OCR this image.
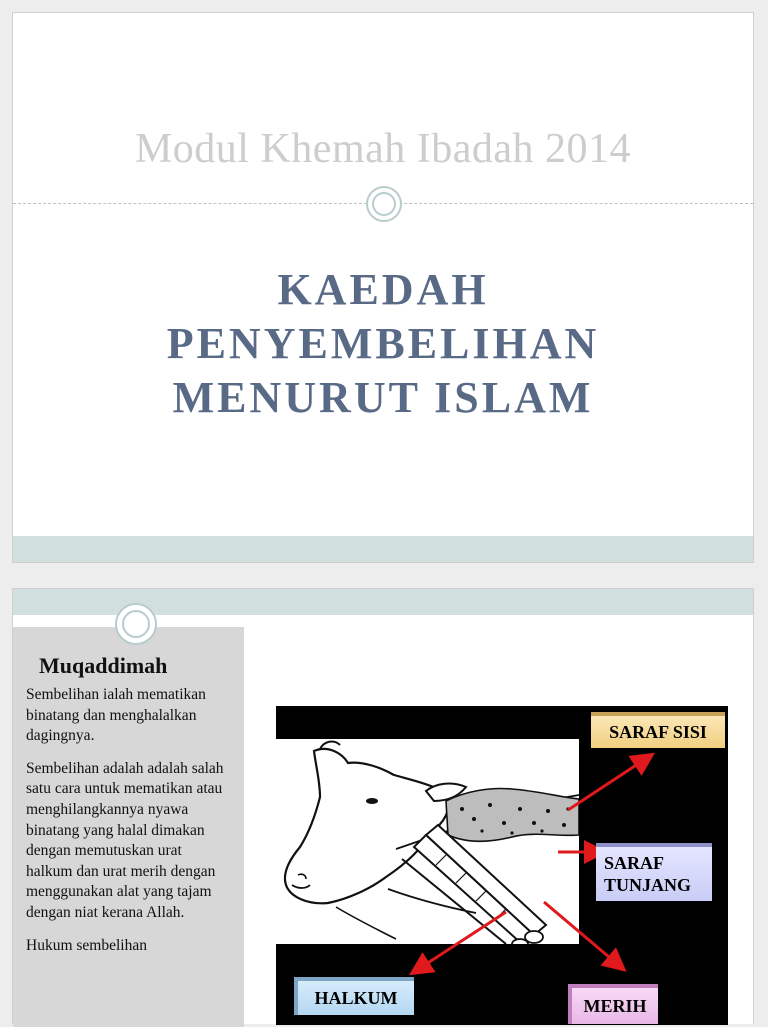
Modul Khemah Ibadah 2014
KAEDAH
PENYEMBELIHAN
MENURUT ISLAM
Muqaddimah

Sembelihan ialah mematikan binatang dan menghalalkan dagingnya.

Sembelihan adalah adalah salah satu cara untuk mematikan atau menghilangkannya nyawa binatang yang halal dimakan dengan memutuskan urat halkum dan urat merih dengan menggunakan alat yang tajam dengan niat kerana Allah.

Hukum sembelihan

SARAF SISI
SARAF
TUNJANG
HALKUM	MERIH
